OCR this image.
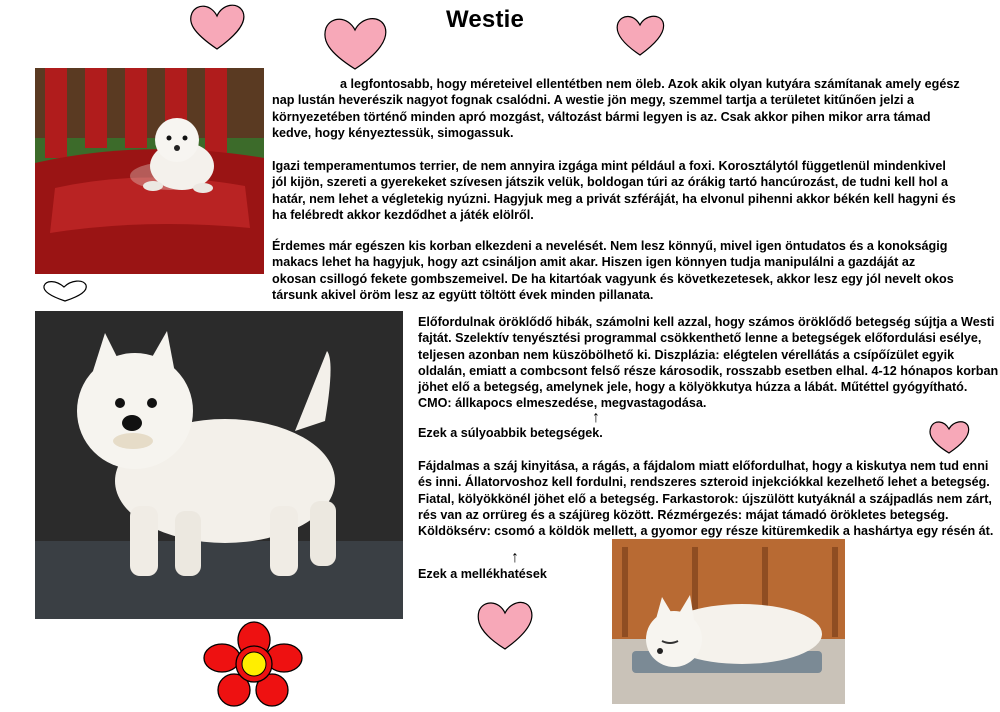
Westie

a legfontosabb, hogy méreteivel ellentétben nem öleb. Azok akik olyan kutyára számítanak amely egész nap lustán heverészik nagyot fognak csalódni. A westie jön megy, szemmel tartja a területet kitűnően jelzi a környezetében történő minden apró mozgást, változást bármi legyen is az. Csak akkor pihen mikor arra támad kedve, hogy kényeztessük, simogassuk.

Igazi temperamentumos terrier, de nem annyira izgága mint például a foxi. Korosztálytól függetlenül mindenkivel jól kijön, szereti a gyerekeket szívesen játszik velük, boldogan túri az órákig tartó hancúrozást, de tudni kell hol a határ, nem lehet a végletekig nyúzni. Hagyjuk meg a privát szféráját, ha elvonul pihenni akkor békén kell hagyni és ha felébredt akkor kezdődhet a játék elölről.

Érdemes már egészen kis korban elkezdeni a nevelését. Nem lesz könnyű, mivel igen öntudatos és a konokságig makacs lehet ha hagyjuk, hogy azt csináljon amit akar. Hiszen igen könnyen tudja manipulálni a gazdáját az okosan csillogó fekete gombszemeivel. De ha kitartóak vagyunk és következetesek, akkor lesz egy jól nevelt okos társunk akivel öröm lesz az együtt töltött évek minden pillanata.

Előfordulnak öröklődő hibák, számolni kell azzal, hogy számos öröklődő betegség sújtja a Westi fajtát. Szelektív tenyésztési programmal csökkenthető lenne a betegségek előfordulási esélye, teljesen azonban nem küszöbölhető ki. Diszplázia: elégtelen vérellátás a csípőízület egyik oldalán, emiatt a combcsont felső része károsodik, rosszabb esetben elhal. 4-12 hónapos korban jöhet elő a betegség, amelynek jele, hogy a kölyökkutya húzza a lábát. Műtéttel gyógyítható. CMO: állkapocs elmeszedése, megvastagodása.

↑

Ezek a súlyoabbik betegségek.

Fájdalmas a száj kinyitása, a rágás, a fájdalom miatt előfordulhat, hogy a kiskutya nem tud enni és inni. Állatorvoshoz kell fordulni, rendszeres szteroid injekciókkal kezelhető lehet a betegség. Fiatal, kölyökkönél jöhet elő a betegség. Farkastorok: újszülött kutyáknál a szájpadlás nem zárt, rés van az orrüreg és a szájüreg között. Rézmérgezés: májat támadó örökletes betegség. Köldöksérv: csomó a köldök mellett, a gyomor egy része kitüremkedik a hashártya egy résén át.

↑

Ezek a mellékhatések
